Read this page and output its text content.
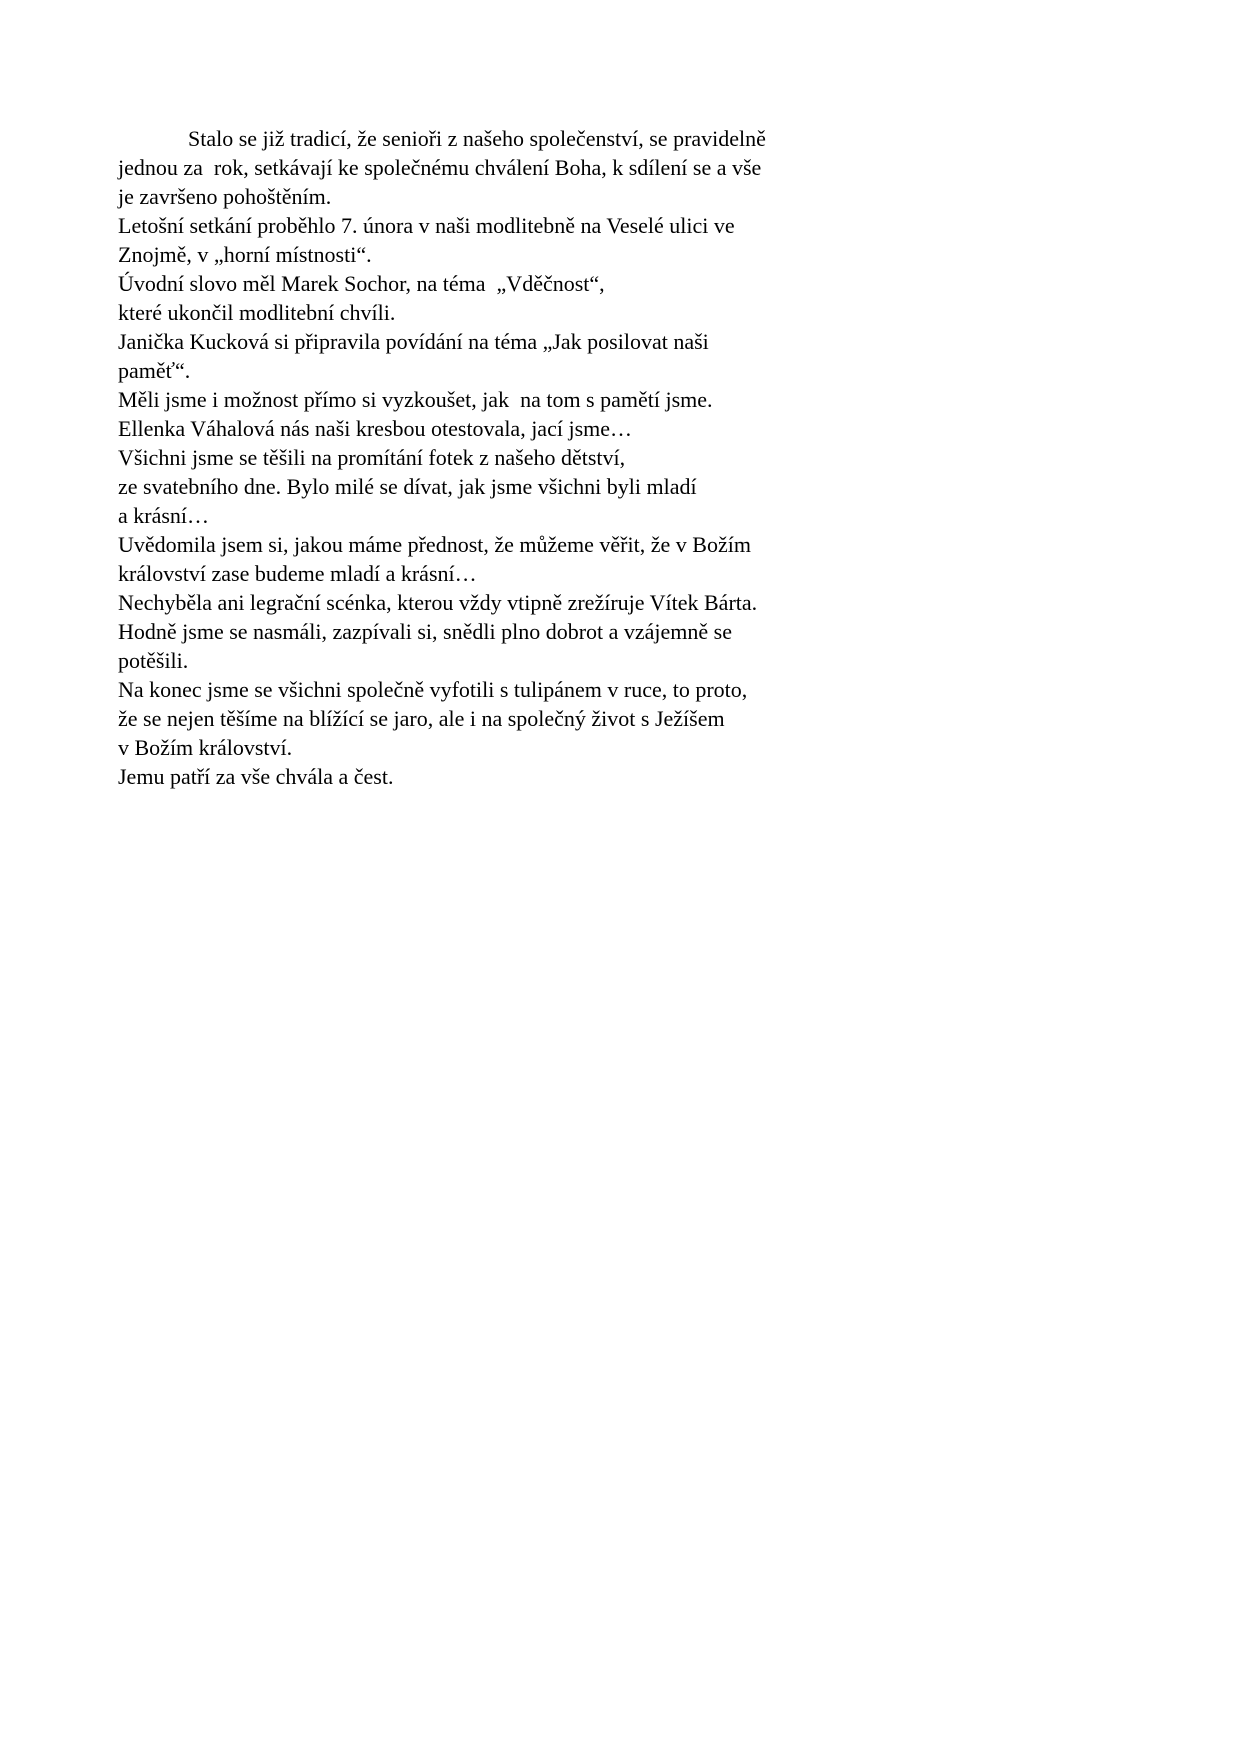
Stalo se již tradicí, že senioři z našeho společenství, se pravidelně
jednou za  rok, setkávají ke společnému chválení Boha, k sdílení se a vše
je završeno pohoštěním.
Letošní setkání proběhlo 7. února v naši modlitebně na Veselé ulici ve
Znojmě, v „horní místnosti“.
Úvodní slovo měl Marek Sochor, na téma  „Vděčnost“,
které ukončil modlitební chvíli.
Janička Kucková si připravila povídání na téma „Jak posilovat naši
paměť“.
Měli jsme i možnost přímo si vyzkoušet, jak  na tom s pamětí jsme.
Ellenka Váhalová nás naši kresbou otestovala, jací jsme…
Všichni jsme se těšili na promítání fotek z našeho dětství,
ze svatebního dne. Bylo milé se dívat, jak jsme všichni byli mladí
a krásní…
Uvědomila jsem si, jakou máme přednost, že můžeme věřit, že v Božím
království zase budeme mladí a krásní…
Nechyběla ani legrační scénka, kterou vždy vtipně zrežíruje Vítek Bárta.
Hodně jsme se nasmáli, zazpívali si, snědli plno dobrot a vzájemně se
potěšili.
Na konec jsme se všichni společně vyfotili s tulipánem v ruce, to proto,
že se nejen těšíme na blížící se jaro, ale i na společný život s Ježíšem
v Božím království.
Jemu patří za vše chvála a čest.
